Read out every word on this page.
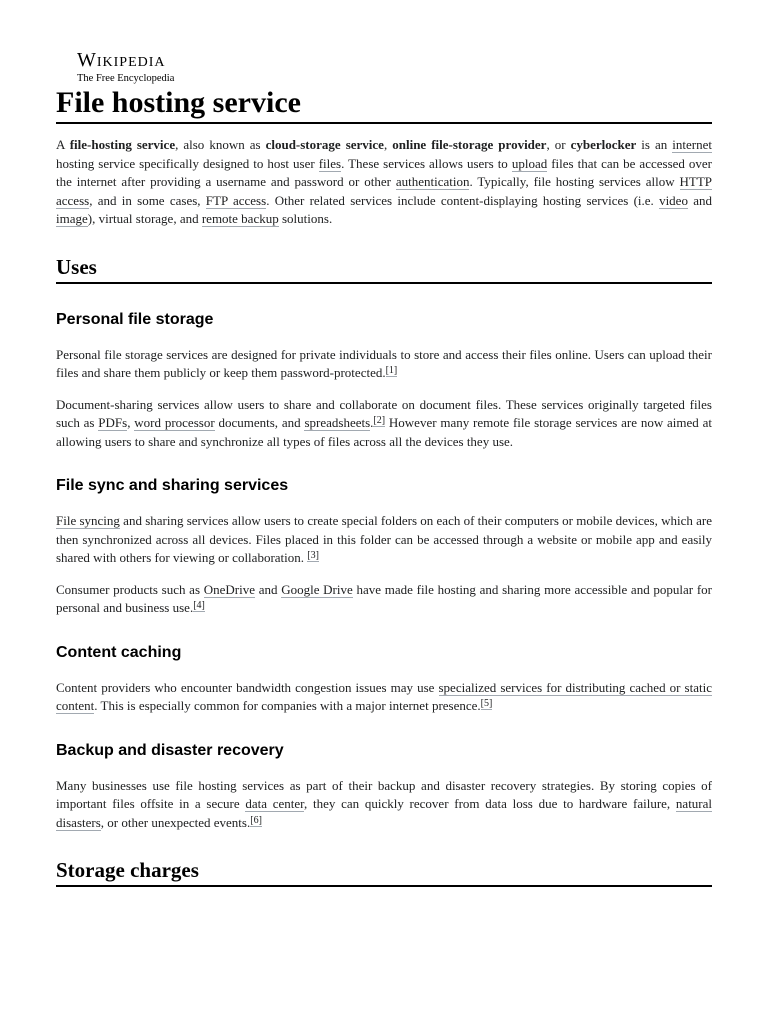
Wikipedia
The Free Encyclopedia
File hosting service

A file-hosting service, also known as cloud-storage service, online file-storage provider, or cyberlocker is an internet hosting service specifically designed to host user files. These services allows users to upload files that can be accessed over the internet after providing a username and password or other authentication. Typically, file hosting services allow HTTP access, and in some cases, FTP access. Other related services include content-displaying hosting services (i.e. video and image), virtual storage, and remote backup solutions.

Uses
Personal file storage

Personal file storage services are designed for private individuals to store and access their files online. Users can upload their files and share them publicly or keep them password-protected.[1]

Document-sharing services allow users to share and collaborate on document files. These services originally targeted files such as PDFs, word processor documents, and spreadsheets.[2] However many remote file storage services are now aimed at allowing users to share and synchronize all types of files across all the devices they use.

File sync and sharing services

File syncing and sharing services allow users to create special folders on each of their computers or mobile devices, which are then synchronized across all devices. Files placed in this folder can be accessed through a website or mobile app and easily shared with others for viewing or collaboration. [3]

Consumer products such as OneDrive and Google Drive have made file hosting and sharing more accessible and popular for personal and business use.[4]

Content caching

Content providers who encounter bandwidth congestion issues may use specialized services for distributing cached or static content. This is especially common for companies with a major internet presence.[5]

Backup and disaster recovery

Many businesses use file hosting services as part of their backup and disaster recovery strategies. By storing copies of important files offsite in a secure data center, they can quickly recover from data loss due to hardware failure, natural disasters, or other unexpected events.[6]

Storage charges
